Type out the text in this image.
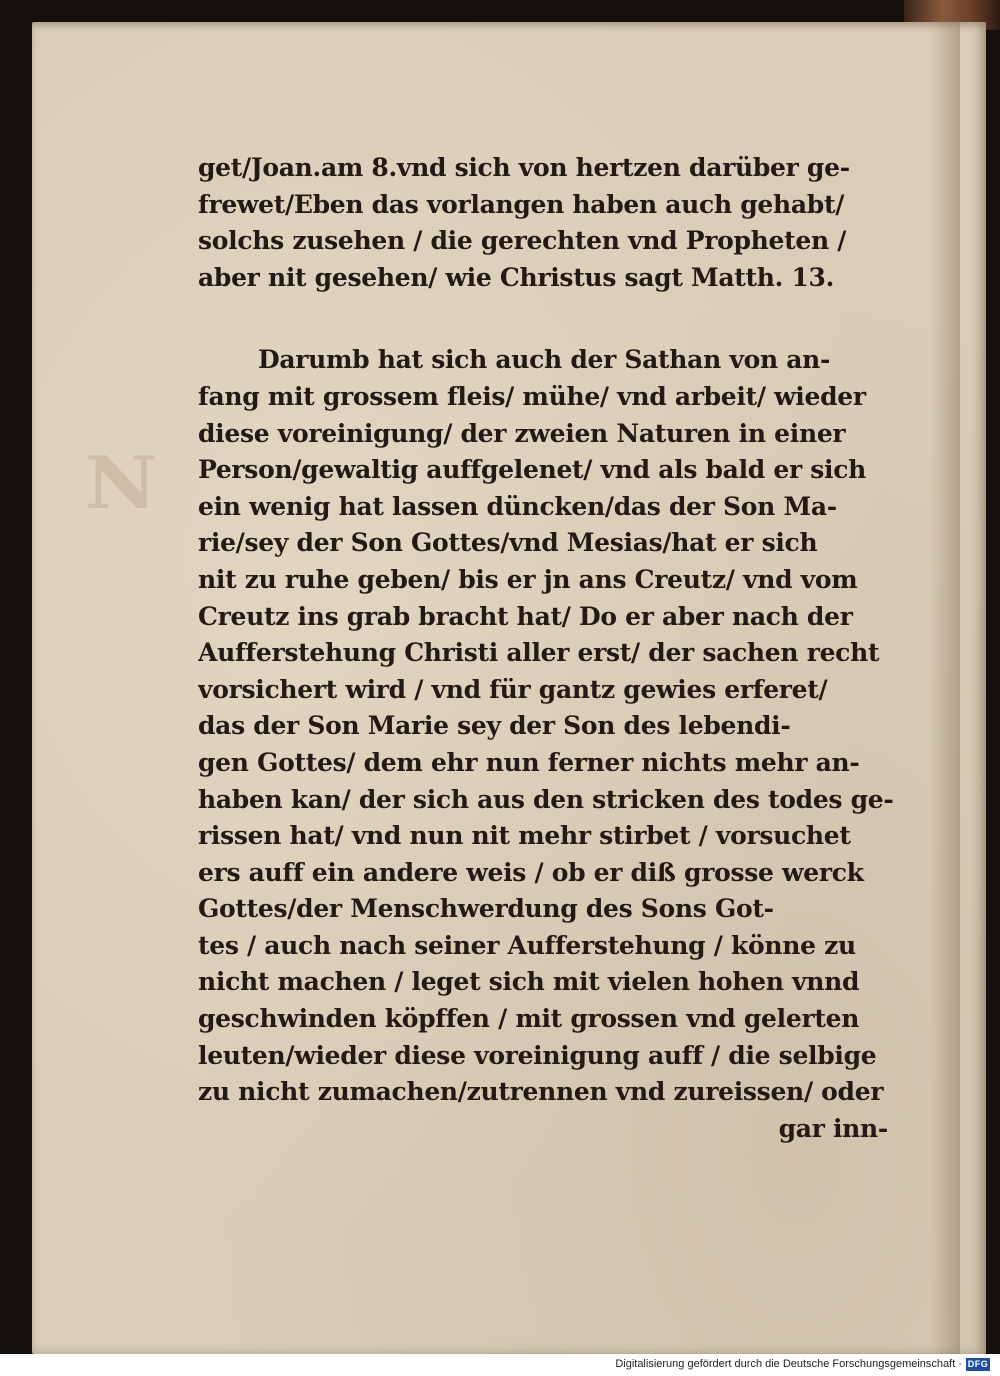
N
get/Joan.am 8.vnd sich von hertzen darüber ge-
frewet/Eben das vorlangen haben auch gehabt/
solchs zusehen / die gerechten vnd Propheten /
aber nit gesehen/ wie Christus sagt Matth. 13.
Darumb hat sich auch der Sathan von an-
fang mit grossem fleis/ mühe/ vnd arbeit/ wieder
diese voreinigung/ der zweien Naturen in einer
Person/gewaltig auffgelenet/ vnd als bald er sich
ein wenig hat lassen düncken/das der Son Ma-
rie/sey der Son Gottes/vnd Mesias/hat er sich
nit zu ruhe geben/ bis er jn ans Creutz/ vnd vom
Creutz ins grab bracht hat/ Do er aber nach der
Aufferstehung Christi aller erst/ der sachen recht
vorsichert wird / vnd für gantz gewies erferet/
das der Son Marie sey der Son des lebendi-
gen Gottes/ dem ehr nun ferner nichts mehr an-
haben kan/ der sich aus den stricken des todes ge-
rissen hat/ vnd nun nit mehr stirbet / vorsuchet
ers auff ein andere weis / ob er diß grosse werck
Gottes/der Menschwerdung des Sons Got-
tes / auch nach seiner Aufferstehung / könne zu
nicht machen / leget sich mit vielen hohen vnnd
geschwinden köpffen / mit grossen vnd gelerten
leuten/wieder diese voreinigung auff / die selbige
zu nicht zumachen/zutrennen vnd zureissen/ oder
gar inn-
Digitalisierung gefördert durch die Deutsche Forschungsgemeinschaft · DFG
